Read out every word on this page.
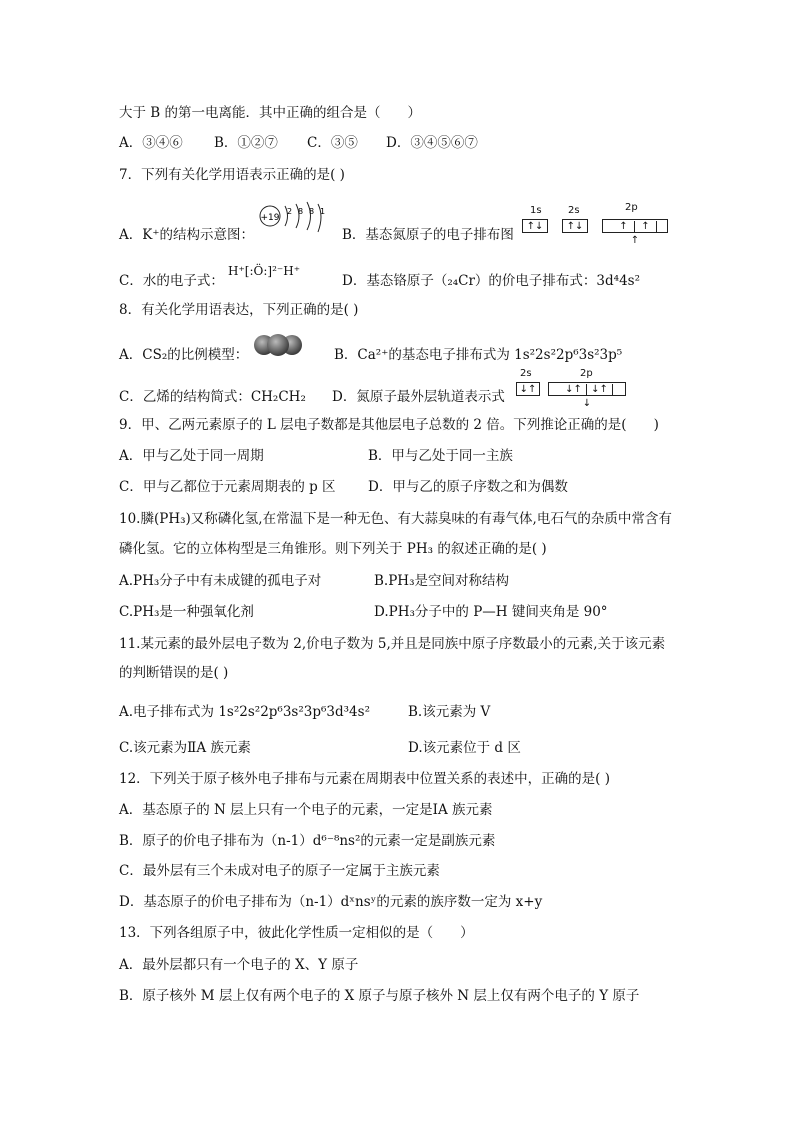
大于 B 的第一电离能．其中正确的组合是（　　）
A．③④⑥ B．①②⑦ C．③⑤ D．③④⑤⑥⑦
7．下列有关化学用语表示正确的是( )
A．K⁺的结构示意图：
+19
2 8 8 1
B．基态氮原子的电子排布图
1s	2s	2p
↑↓	↑↓	↑ ↑↑
C．水的电子式：
H⁺[:Ö:]²⁻H⁺
D．基态铬原子（₂₄Cr）的价电子排布式：3d⁴4s²
8．有关化学用语表达，下列正确的是( )
A．CS₂的比例模型：	B．Ca²⁺的基态电子排布式为 1s²2s²2p⁶3s²3p⁵
C．乙烯的结构简式：CH₂CH₂ D．氮原子最外层轨道表示式
2s	2p
↓↑	↓↑ ↓↑↓
9．甲、乙两元素原子的 L 层电子数都是其他层电子总数的 2 倍。下列推论正确的是(　　)
A．甲与乙处于同一周期	B．甲与乙处于同一主族
C．甲与乙都位于元素周期表的 p 区 D．甲与乙的原子序数之和为偶数
10.膦(PH₃)又称磷化氢,在常温下是一种无色、有大蒜臭味的有毒气体,电石气的杂质中常含有
磷化氢。它的立体构型是三角锥形。则下列关于 PH₃ 的叙述正确的是( )
A.PH₃分子中有未成键的孤电子对	B.PH₃是空间对称结构
C.PH₃是一种强氧化剂	D.PH₃分子中的 P—H 键间夹角是 90°
11.某元素的最外层电子数为 2,价电子数为 5,并且是同族中原子序数最小的元素,关于该元素
的判断错误的是( )
A.电子排布式为 1s²2s²2p⁶3s²3p⁶3d³4s²	B.该元素为 V
C.该元素为ⅡA 族元素	D.该元素位于 d 区
12．下列关于原子核外电子排布与元素在周期表中位置关系的表述中，正确的是( )
A．基态原子的 N 层上只有一个电子的元素，一定是ⅠA 族元素
B．原子的价电子排布为（n-1）d⁶⁻⁸ns²的元素一定是副族元素
C．最外层有三个未成对电子的原子一定属于主族元素
D．基态原子的价电子排布为（n-1）dˣnsʸ的元素的族序数一定为 x+y
13．下列各组原子中，彼此化学性质一定相似的是（　　）
A．最外层都只有一个电子的 X、Y 原子
B．原子核外 M 层上仅有两个电子的 X 原子与原子核外 N 层上仅有两个电子的 Y 原子
